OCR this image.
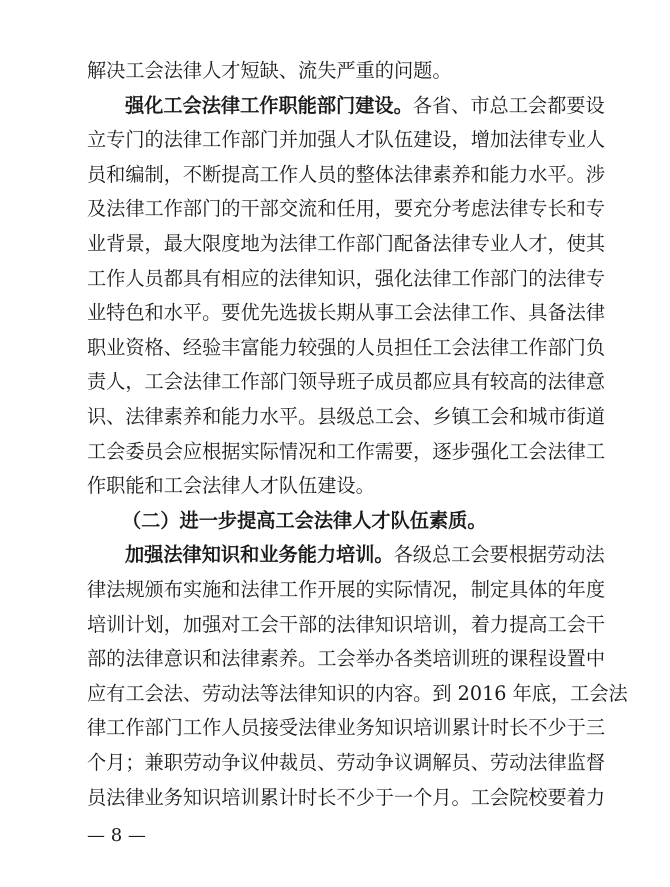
解决工会法律人才短缺、流失严重的问题。
强化工会法律工作职能部门建设。各省、市总工会都要设
立专门的法律工作部门并加强人才队伍建设，增加法律专业人
员和编制，不断提高工作人员的整体法律素养和能力水平。涉
及法律工作部门的干部交流和任用，要充分考虑法律专长和专
业背景，最大限度地为法律工作部门配备法律专业人才，使其
工作人员都具有相应的法律知识，强化法律工作部门的法律专
业特色和水平。要优先选拔长期从事工会法律工作、具备法律
职业资格、经验丰富能力较强的人员担任工会法律工作部门负
责人，工会法律工作部门领导班子成员都应具有较高的法律意
识、法律素养和能力水平。县级总工会、乡镇工会和城市街道
工会委员会应根据实际情况和工作需要，逐步强化工会法律工
作职能和工会法律人才队伍建设。
（二）进一步提高工会法律人才队伍素质。
加强法律知识和业务能力培训。各级总工会要根据劳动法
律法规颁布实施和法律工作开展的实际情况，制定具体的年度
培训计划，加强对工会干部的法律知识培训，着力提高工会干
部的法律意识和法律素养。工会举办各类培训班的课程设置中
应有工会法、劳动法等法律知识的内容。到 2016 年底，工会法
律工作部门工作人员接受法律业务知识培训累计时长不少于三
个月；兼职劳动争议仲裁员、劳动争议调解员、劳动法律监督
员法律业务知识培训累计时长不少于一个月。工会院校要着力
— 8 —
